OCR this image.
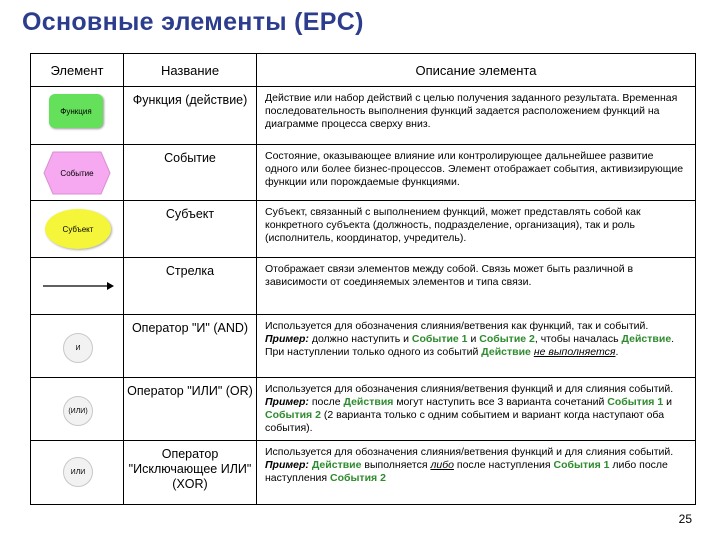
Основные элементы (EPC)
Элемент	Название	Описание элемента

Функция	Функция (действие)	Действие или набор действий с целью получения заданного результата. Временная последовательность выполнения функций задается расположением функций на диаграмме процесса сверху вниз.

Событие	Событие	Состояние, оказывающее влияние или контролирующее дальнейшее развитие одного или более бизнес-процессов. Элемент отображает события, активизирующие функции или порождаемые функциями.

Субъект	Субъект	Субъект, связанный с выполнением функций, может представлять собой как конкретного субъекта (должность, подразделение, организация), так и роль (исполнитель, координатор, учредитель).

	Стрелка	Отображает связи элементов между собой. Связь может быть различной в зависимости от соединяемых элементов и типа связи.

И	Оператор "И" (AND)	Используется для обозначения слияния/ветвения как функций, так и событий. Пример: должно наступить и Событие 1 и Событие 2, чтобы началась Действие. При наступлении только одного из событий Действие не выполняется.

(ИЛИ)	Оператор "ИЛИ" (OR)	Используется для обозначения слияния/ветвения функций и для слияния событий. Пример: после Действия могут наступить все 3 варианта сочетаний События 1 и События 2 (2 варианта только с одним событием и вариант когда наступают оба события).

ИЛИ	Оператор "Исключающее ИЛИ" (XOR)	Используется для обозначения слияния/ветвения функций и для слияния событий. Пример: Действие выполняется либо после наступления События 1 либо после наступления События 2
25
